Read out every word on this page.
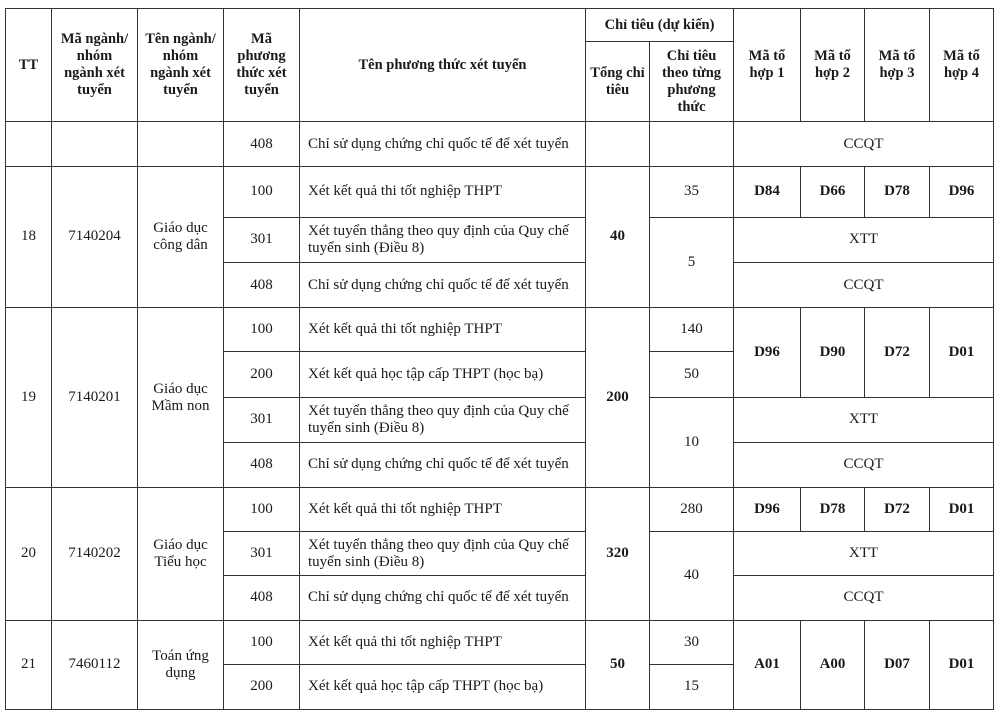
TT	Mã ngành/ nhóm ngành xét tuyển	Tên ngành/ nhóm ngành xét tuyển	Mã phương thức xét tuyển	Tên phương thức xét tuyển	Chỉ tiêu (dự kiến)		Mã tổ hợp 1	Mã tổ hợp 2	Mã tổ hợp 3	Mã tổ hợp 4
					Tổng chỉ tiêu	Chỉ tiêu theo từng phương thức				
			408	Chỉ sử dụng chứng chỉ quốc tế để xét tuyển			CCQT			
18	7140204	Giáo dục công dân	100	Xét kết quả thi tốt nghiệp THPT	40	35	D84	D66	D78	D96
			301	Xét tuyển thẳng theo quy định của Quy chế tuyển sinh (Điều 8)		5	XTT			
			408	Chỉ sử dụng chứng chỉ quốc tế để xét tuyển			CCQT			
19	7140201	Giáo dục Mầm non	100	Xét kết quả thi tốt nghiệp THPT	200	140	D96	D90	D72	D01
			200	Xét kết quả học tập cấp THPT (học bạ)		50				
			301	Xét tuyển thẳng theo quy định của Quy chế tuyển sinh (Điều 8)		10	XTT			
			408	Chỉ sử dụng chứng chỉ quốc tế để xét tuyển			CCQT			
20	7140202	Giáo dục Tiểu học	100	Xét kết quả thi tốt nghiệp THPT	320	280	D96	D78	D72	D01
			301	Xét tuyển thẳng theo quy định của Quy chế tuyển sinh (Điều 8)		40	XTT			
			408	Chỉ sử dụng chứng chỉ quốc tế để xét tuyển			CCQT			
21	7460112	Toán ứng dụng	100	Xét kết quả thi tốt nghiệp THPT	50	30	A01	A00	D07	D01
			200	Xét kết quả học tập cấp THPT (học bạ)		15				
